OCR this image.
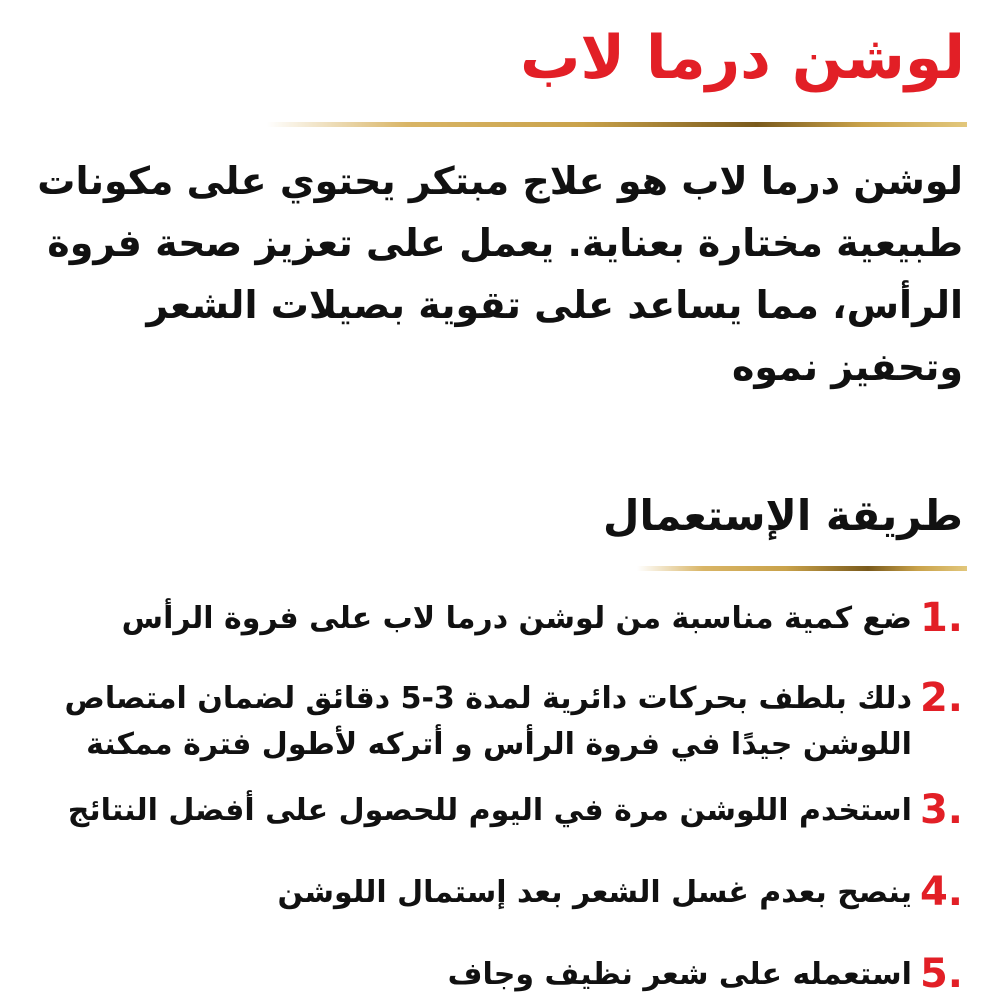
لوشن درما لاب

لوشن درما لاب هو علاج مبتكر يحتوي على مكونات طبيعية مختارة بعناية. يعمل على تعزيز صحة فروة الرأس، مما يساعد على تقوية بصيلات الشعر وتحفيز نموه

طريقة الإستعمال
1.
ضع كمية مناسبة من لوشن درما لاب على فروة الرأس
2.
دلك بلطف بحركات دائرية لمدة 3-5 دقائق لضمان امتصاص اللوشن جيدًا في فروة الرأس و أتركه لأطول فترة ممكنة
3.
استخدم اللوشن مرة في اليوم للحصول على أفضل النتائج
4.
ينصح بعدم غسل الشعر بعد إستمال اللوشن
5.
استعمله على شعر نظيف وجاف
